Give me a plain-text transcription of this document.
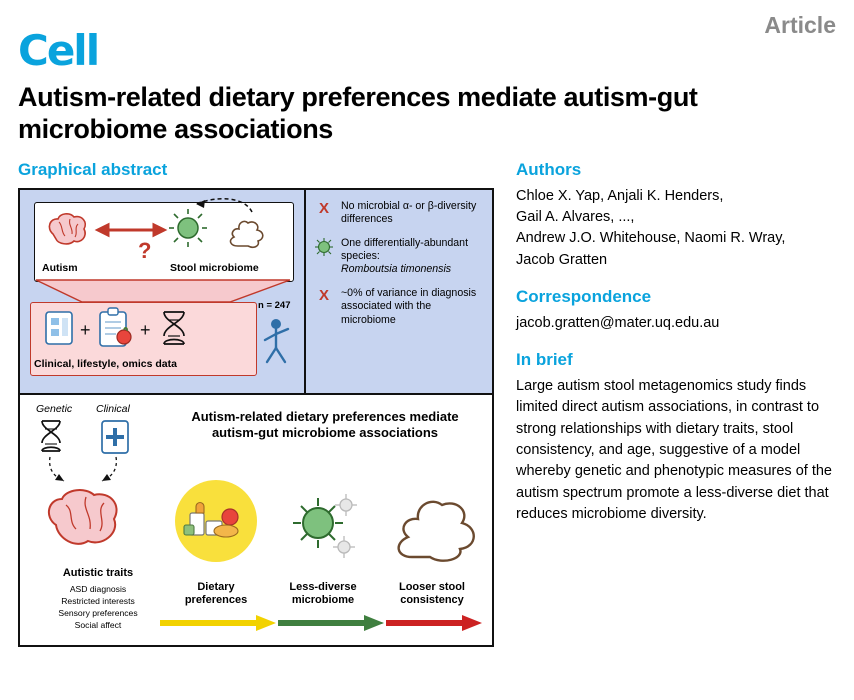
Cell
Article
Autism-related dietary preferences mediate autism-gut microbiome associations
Graphical abstract
Autism	Stool microbiome
?
+	+
Clinical, lifestyle, omics data
n = 247
X	No microbial α- or β-diversity differences
One differentially-abundant species:
Romboutsia timonensis
X	~0% of variance in diagnosis associated with the microbiome
Genetic Clinical	Autism-related dietary preferences mediate autism-gut microbiome associations
Autistic traits
ASD diagnosis
Restricted interests
Sensory preferences
Social affect
Dietary preferences
Less-diverse microbiome
Looser stool consistency
Authors

Chloe X. Yap, Anjali K. Henders,
Gail A. Alvares, ...,
Andrew J.O. Whitehouse, Naomi R. Wray,
Jacob Gratten

Correspondence
jacob.gratten@mater.uq.edu.au
In brief

Large autism stool metagenomics study finds limited direct autism associations, in contrast to strong relationships with dietary traits, stool consistency, and age, suggestive of a model whereby genetic and phenotypic measures of the autism spectrum promote a less-diverse diet that reduces microbiome diversity.
